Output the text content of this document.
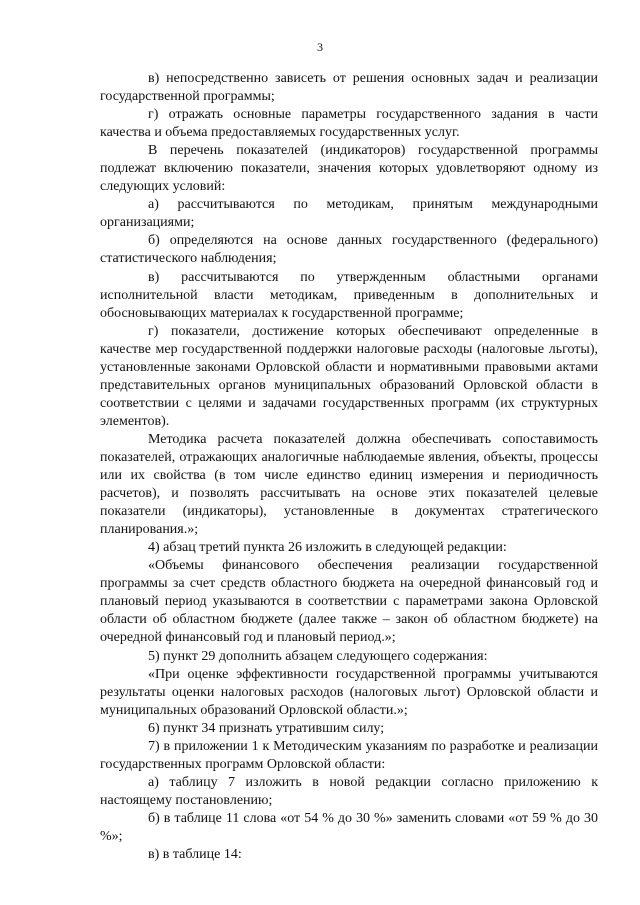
3

в) непосредственно зависеть от решения основных задач и реализации государственной программы;

г) отражать основные параметры государственного задания в части качества и объема предоставляемых государственных услуг.

В перечень показателей (индикаторов) государственной программы подлежат включению показатели, значения которых удовлетворяют одному из следующих условий:

а) рассчитываются по методикам, принятым международными организациями;

б) определяются на основе данных государственного (федерального) статистического наблюдения;

в) рассчитываются по утвержденным областными органами исполнительной власти методикам, приведенным в дополнительных и обосновывающих материалах к государственной программе;

г) показатели, достижение которых обеспечивают определенные в качестве мер государственной поддержки налоговые расходы (налоговые льготы), установленные законами Орловской области и нормативными правовыми актами представительных органов муниципальных образований Орловской области в соответствии с целями и задачами государственных программ (их структурных элементов).

Методика расчета показателей должна обеспечивать сопоставимость показателей, отражающих аналогичные наблюдаемые явления, объекты, процессы или их свойства (в том числе единство единиц измерения и периодичность расчетов), и позволять рассчитывать на основе этих показателей целевые показатели (индикаторы), установленные в документах стратегического планирования.»;

4) абзац третий пункта 26 изложить в следующей редакции:

«Объемы финансового обеспечения реализации государственной программы за счет средств областного бюджета на очередной финансовый год и плановый период указываются в соответствии с параметрами закона Орловской области об областном бюджете (далее также – закон об областном бюджете) на очередной финансовый год и плановый период.»;

5) пункт 29 дополнить абзацем следующего содержания:

«При оценке эффективности государственной программы учитываются результаты оценки налоговых расходов (налоговых льгот) Орловской области и муниципальных образований Орловской области.»;

6) пункт 34 признать утратившим силу;

7) в приложении 1 к Методическим указаниям по разработке и реализации государственных программ Орловской области:

а) таблицу 7 изложить в новой редакции согласно приложению к настоящему постановлению;

б) в таблице 11 слова «от 54 % до 30 %» заменить словами «от 59 % до 30 %»;

в) в таблице 14:
